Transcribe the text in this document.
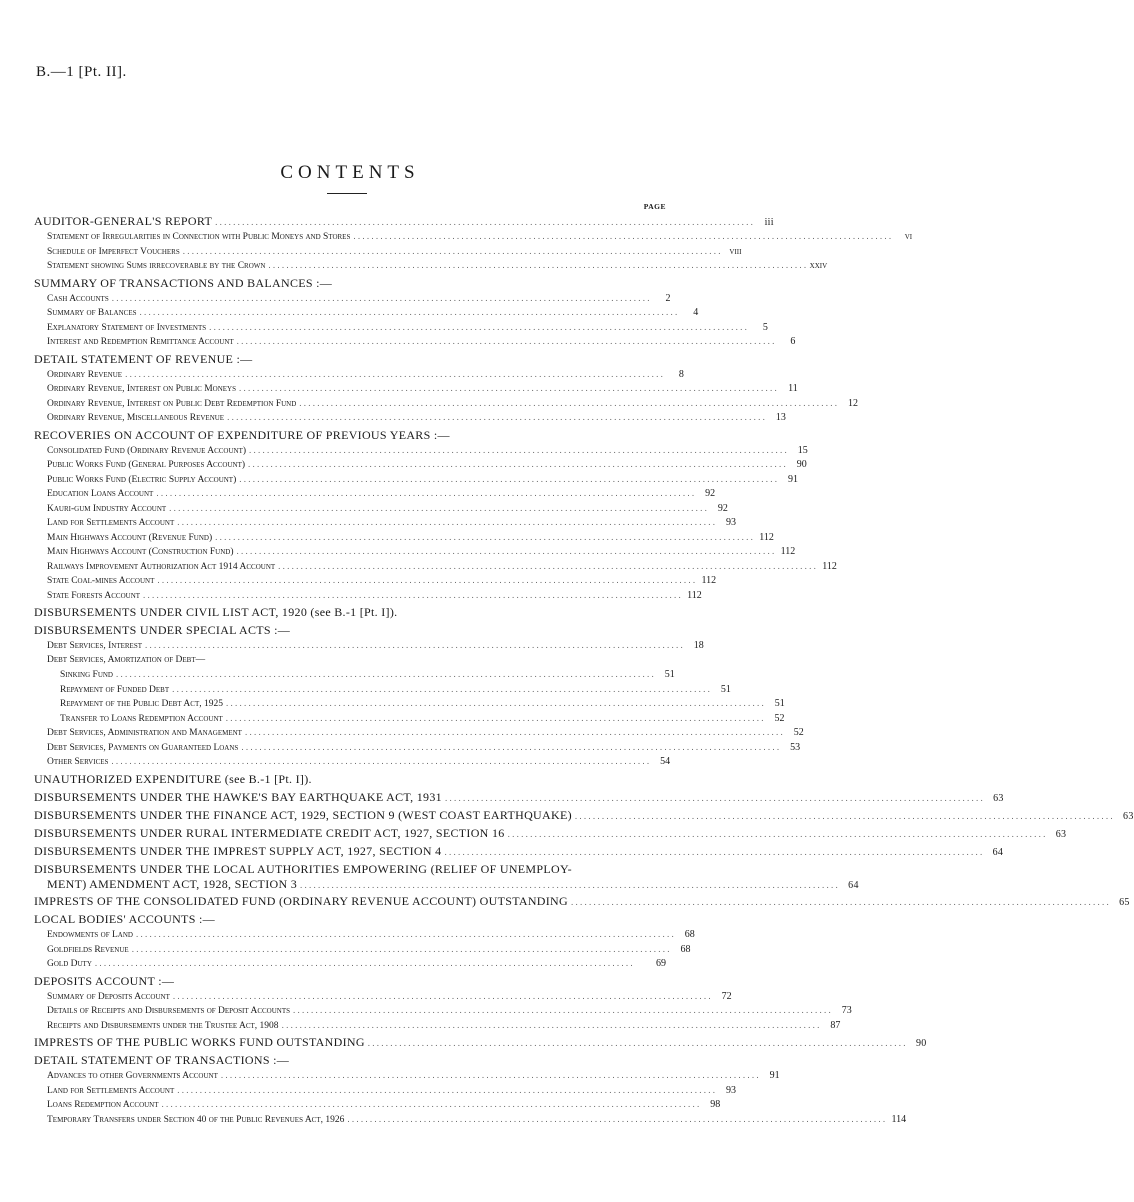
B.—1 [Pt. II].
CONTENTS
PAGE
AUDITOR-GENERAL'S REPORT . . . . . . . . . . . . . . . . . . . . . . . . . . . . . . . . . . . . . . . . . . . . . . . . . . . . . . . . . . . . . . . . . . . . . . . . . . . . . . . . . . . . . . . . . . . . . . . . . . . . . . . . . . . . . . . . . . . . . . . .	iii
Statement of Irregularities in Connection with Public Moneys and Stores . . . . . . . . . . . . . . . . . . . . . . . . . . . . . . . . . . . . . . . . . . . . . . . . . . . . . . . . . . . . . . . . . . . . . . . . . . . . . . . . . . . . . . . . . . . . . . . . . . . . . . . . . . . . . . . . . . . . . . . .	vi
Schedule of Imperfect Vouchers . . . . . . . . . . . . . . . . . . . . . . . . . . . . . . . . . . . . . . . . . . . . . . . . . . . . . . . . . . . . . . . . . . . . . . . . . . . . . . . . . . . . . . . . . . . . . . . . . . . . . . . . . . . . . . . . . . . . . . . . viii
Statement showing Sums irrecoverable by the Crown . . . . . . . . . . . . . . . . . . . . . . . . . . . . . . . . . . . . . . . . . . . . . . . . . . . . . . . . . . . . . . . . . . . . . . . . . . . . . . . . . . . . . . . . . . . . . . . . . . . . . . . . . . . . . . . . . . . . . . . . xxiv
SUMMARY OF TRANSACTIONS AND BALANCES :—
Cash Accounts . . . . . . . . . . . . . . . . . . . . . . . . . . . . . . . . . . . . . . . . . . . . . . . . . . . . . . . . . . . . . . . . . . . . . . . . . . . . . . . . . . . . . . . . . . . . . . . . . . . . . . . . . . . . . . . . . . . . . . . .	2
Summary of Balances . . . . . . . . . . . . . . . . . . . . . . . . . . . . . . . . . . . . . . . . . . . . . . . . . . . . . . . . . . . . . . . . . . . . . . . . . . . . . . . . . . . . . . . . . . . . . . . . . . . . . . . . . . . . . . . . . . . . . . . .	4
Explanatory Statement of Investments . . . . . . . . . . . . . . . . . . . . . . . . . . . . . . . . . . . . . . . . . . . . . . . . . . . . . . . . . . . . . . . . . . . . . . . . . . . . . . . . . . . . . . . . . . . . . . . . . . . . . . . . . . . . . . . . . . . . . . . .	5
Interest and Redemption Remittance Account . . . . . . . . . . . . . . . . . . . . . . . . . . . . . . . . . . . . . . . . . . . . . . . . . . . . . . . . . . . . . . . . . . . . . . . . . . . . . . . . . . . . . . . . . . . . . . . . . . . . . . . . . . . . . . . . . . . . . . . .	6
DETAIL STATEMENT OF REVENUE :—
Ordinary Revenue . . . . . . . . . . . . . . . . . . . . . . . . . . . . . . . . . . . . . . . . . . . . . . . . . . . . . . . . . . . . . . . . . . . . . . . . . . . . . . . . . . . . . . . . . . . . . . . . . . . . . . . . . . . . . . . . . . . . . . . .	8
Ordinary Revenue, Interest on Public Moneys . . . . . . . . . . . . . . . . . . . . . . . . . . . . . . . . . . . . . . . . . . . . . . . . . . . . . . . . . . . . . . . . . . . . . . . . . . . . . . . . . . . . . . . . . . . . . . . . . . . . . . . . . . . . . . . . . . . . . . . .	11
Ordinary Revenue, Interest on Public Debt Redemption Fund . . . . . . . . . . . . . . . . . . . . . . . . . . . . . . . . . . . . . . . . . . . . . . . . . . . . . . . . . . . . . . . . . . . . . . . . . . . . . . . . . . . . . . . . . . . . . . . . . . . . . . . . . . . . . . . . . . . . . . . .	12
Ordinary Revenue, Miscellaneous Revenue . . . . . . . . . . . . . . . . . . . . . . . . . . . . . . . . . . . . . . . . . . . . . . . . . . . . . . . . . . . . . . . . . . . . . . . . . . . . . . . . . . . . . . . . . . . . . . . . . . . . . . . . . . . . . . . . . . . . . . . .	13
RECOVERIES ON ACCOUNT OF EXPENDITURE OF PREVIOUS YEARS :—
Consolidated Fund (Ordinary Revenue Account) . . . . . . . . . . . . . . . . . . . . . . . . . . . . . . . . . . . . . . . . . . . . . . . . . . . . . . . . . . . . . . . . . . . . . . . . . . . . . . . . . . . . . . . . . . . . . . . . . . . . . . . . . . . . . . . . . . . . . . . .	15
Public Works Fund (General Purposes Account) . . . . . . . . . . . . . . . . . . . . . . . . . . . . . . . . . . . . . . . . . . . . . . . . . . . . . . . . . . . . . . . . . . . . . . . . . . . . . . . . . . . . . . . . . . . . . . . . . . . . . . . . . . . . . . . . . . . . . . . .	90
Public Works Fund (Electric Supply Account) . . . . . . . . . . . . . . . . . . . . . . . . . . . . . . . . . . . . . . . . . . . . . . . . . . . . . . . . . . . . . . . . . . . . . . . . . . . . . . . . . . . . . . . . . . . . . . . . . . . . . . . . . . . . . . . . . . . . . . . .	91
Education Loans Account . . . . . . . . . . . . . . . . . . . . . . . . . . . . . . . . . . . . . . . . . . . . . . . . . . . . . . . . . . . . . . . . . . . . . . . . . . . . . . . . . . . . . . . . . . . . . . . . . . . . . . . . . . . . . . . . . . . . . . . .	92
Kauri-gum Industry Account . . . . . . . . . . . . . . . . . . . . . . . . . . . . . . . . . . . . . . . . . . . . . . . . . . . . . . . . . . . . . . . . . . . . . . . . . . . . . . . . . . . . . . . . . . . . . . . . . . . . . . . . . . . . . . . . . . . . . . . .	92
Land for Settlements Account . . . . . . . . . . . . . . . . . . . . . . . . . . . . . . . . . . . . . . . . . . . . . . . . . . . . . . . . . . . . . . . . . . . . . . . . . . . . . . . . . . . . . . . . . . . . . . . . . . . . . . . . . . . . . . . . . . . . . . . .	93
Main Highways Account (Revenue Fund) . . . . . . . . . . . . . . . . . . . . . . . . . . . . . . . . . . . . . . . . . . . . . . . . . . . . . . . . . . . . . . . . . . . . . . . . . . . . . . . . . . . . . . . . . . . . . . . . . . . . . . . . . . . . . . . . . . . . . . . . 112
Main Highways Account (Construction Fund) . . . . . . . . . . . . . . . . . . . . . . . . . . . . . . . . . . . . . . . . . . . . . . . . . . . . . . . . . . . . . . . . . . . . . . . . . . . . . . . . . . . . . . . . . . . . . . . . . . . . . . . . . . . . . . . . . . . . . . . . 112
Railways Improvement Authorization Act 1914 Account . . . . . . . . . . . . . . . . . . . . . . . . . . . . . . . . . . . . . . . . . . . . . . . . . . . . . . . . . . . . . . . . . . . . . . . . . . . . . . . . . . . . . . . . . . . . . . . . . . . . . . . . . . . . . . . . . . . . . . . . 112
State Coal-mines Account . . . . . . . . . . . . . . . . . . . . . . . . . . . . . . . . . . . . . . . . . . . . . . . . . . . . . . . . . . . . . . . . . . . . . . . . . . . . . . . . . . . . . . . . . . . . . . . . . . . . . . . . . . . . . . . . . . . . . . . . 112
State Forests Account . . . . . . . . . . . . . . . . . . . . . . . . . . . . . . . . . . . . . . . . . . . . . . . . . . . . . . . . . . . . . . . . . . . . . . . . . . . . . . . . . . . . . . . . . . . . . . . . . . . . . . . . . . . . . . . . . . . . . . . . 112
DISBURSEMENTS UNDER CIVIL LIST ACT, 1920 (see B.-1 [Pt. I]).
DISBURSEMENTS UNDER SPECIAL ACTS :—
Debt Services, Interest . . . . . . . . . . . . . . . . . . . . . . . . . . . . . . . . . . . . . . . . . . . . . . . . . . . . . . . . . . . . . . . . . . . . . . . . . . . . . . . . . . . . . . . . . . . . . . . . . . . . . . . . . . . . . . . . . . . . . . . .	18
Debt Services, Amortization of Debt—
Sinking Fund . . . . . . . . . . . . . . . . . . . . . . . . . . . . . . . . . . . . . . . . . . . . . . . . . . . . . . . . . . . . . . . . . . . . . . . . . . . . . . . . . . . . . . . . . . . . . . . . . . . . . . . . . . . . . . . . . . . . . . . .	51
Repayment of Funded Debt . . . . . . . . . . . . . . . . . . . . . . . . . . . . . . . . . . . . . . . . . . . . . . . . . . . . . . . . . . . . . . . . . . . . . . . . . . . . . . . . . . . . . . . . . . . . . . . . . . . . . . . . . . . . . . . . . . . . . . . .	51
Repayment of the Public Debt Act, 1925 . . . . . . . . . . . . . . . . . . . . . . . . . . . . . . . . . . . . . . . . . . . . . . . . . . . . . . . . . . . . . . . . . . . . . . . . . . . . . . . . . . . . . . . . . . . . . . . . . . . . . . . . . . . . . . . . . . . . . . . .	51
Transfer to Loans Redemption Account . . . . . . . . . . . . . . . . . . . . . . . . . . . . . . . . . . . . . . . . . . . . . . . . . . . . . . . . . . . . . . . . . . . . . . . . . . . . . . . . . . . . . . . . . . . . . . . . . . . . . . . . . . . . . . . . . . . . . . . .	52
Debt Services, Administration and Management . . . . . . . . . . . . . . . . . . . . . . . . . . . . . . . . . . . . . . . . . . . . . . . . . . . . . . . . . . . . . . . . . . . . . . . . . . . . . . . . . . . . . . . . . . . . . . . . . . . . . . . . . . . . . . . . . . . . . . . .	52
Debt Services, Payments on Guaranteed Loans . . . . . . . . . . . . . . . . . . . . . . . . . . . . . . . . . . . . . . . . . . . . . . . . . . . . . . . . . . . . . . . . . . . . . . . . . . . . . . . . . . . . . . . . . . . . . . . . . . . . . . . . . . . . . . . . . . . . . . . .	53
Other Services . . . . . . . . . . . . . . . . . . . . . . . . . . . . . . . . . . . . . . . . . . . . . . . . . . . . . . . . . . . . . . . . . . . . . . . . . . . . . . . . . . . . . . . . . . . . . . . . . . . . . . . . . . . . . . . . . . . . . . . .	54
UNAUTHORIZED EXPENDITURE (see B.-1 [Pt. I]).
DISBURSEMENTS UNDER THE HAWKE'S BAY EARTHQUAKE ACT, 1931 . . . . . . . . . . . . . . . . . . . . . . . . . . . . . . . . . . . . . . . . . . . . . . . . . . . . . . . . . . . . . . . . . . . . . . . . . . . . . . . . . . . . . . . . . . . . . . . . . . . . . . . . . . . . . . . . . . . . . . . .	63
DISBURSEMENTS UNDER THE FINANCE ACT, 1929, SECTION 9 (WEST COAST EARTHQUAKE) . . . . . . . . . . . . . . . . . . . . . . . . . . . . . . . . . . . . . . . . . . . . . . . . . . . . . . . . . . . . . . . . . . . . . . . . . . . . . . . . . . . . . . . . . . . . . . . . . . . . . . . . . . . . . . . . . . . . . . . .	63
DISBURSEMENTS UNDER RURAL INTERMEDIATE CREDIT ACT, 1927, SECTION 16 . . . . . . . . . . . . . . . . . . . . . . . . . . . . . . . . . . . . . . . . . . . . . . . . . . . . . . . . . . . . . . . . . . . . . . . . . . . . . . . . . . . . . . . . . . . . . . . . . . . . . . . . . . . . . . . . . . . . . . . .	63
DISBURSEMENTS UNDER THE IMPREST SUPPLY ACT, 1927, SECTION 4 . . . . . . . . . . . . . . . . . . . . . . . . . . . . . . . . . . . . . . . . . . . . . . . . . . . . . . . . . . . . . . . . . . . . . . . . . . . . . . . . . . . . . . . . . . . . . . . . . . . . . . . . . . . . . . . . . . . . . . . .	64
DISBURSEMENTS UNDER THE LOCAL AUTHORITIES EMPOWERING (RELIEF OF UNEMPLOY-
MENT) AMENDMENT ACT, 1928, SECTION 3 . . . . . . . . . . . . . . . . . . . . . . . . . . . . . . . . . . . . . . . . . . . . . . . . . . . . . . . . . . . . . . . . . . . . . . . . . . . . . . . . . . . . . . . . . . . . . . . . . . . . . . . . . . . . . . . . . . . . . . . .	64
IMPRESTS OF THE CONSOLIDATED FUND (ORDINARY REVENUE ACCOUNT) OUTSTANDING . . . . . . . . . . . . . . . . . . . . . . . . . . . . . . . . . . . . . . . . . . . . . . . . . . . . . . . . . . . . . . . . . . . . . . . . . . . . . . . . . . . . . . . . . . . . . . . . . . . . . . . . . . . . . . . . . . . . . . . .	65
LOCAL BODIES' ACCOUNTS :—
Endowments of Land . . . . . . . . . . . . . . . . . . . . . . . . . . . . . . . . . . . . . . . . . . . . . . . . . . . . . . . . . . . . . . . . . . . . . . . . . . . . . . . . . . . . . . . . . . . . . . . . . . . . . . . . . . . . . . . . . . . . . . . .	68
Goldfields Revenue . . . . . . . . . . . . . . . . . . . . . . . . . . . . . . . . . . . . . . . . . . . . . . . . . . . . . . . . . . . . . . . . . . . . . . . . . . . . . . . . . . . . . . . . . . . . . . . . . . . . . . . . . . . . . . . . . . . . . . . .	68
Gold Duty . . . . . . . . . . . . . . . . . . . . . . . . . . . . . . . . . . . . . . . . . . . . . . . . . . . . . . . . . . . . . . . . . . . . . . . . . . . . . . . . . . . . . . . . . . . . . . . . . . . . . . . . . . . . . . . . . . . . . . . .	69
DEPOSITS ACCOUNT :—
Summary of Deposits Account . . . . . . . . . . . . . . . . . . . . . . . . . . . . . . . . . . . . . . . . . . . . . . . . . . . . . . . . . . . . . . . . . . . . . . . . . . . . . . . . . . . . . . . . . . . . . . . . . . . . . . . . . . . . . . . . . . . . . . . .	72
Details of Receipts and Disbursements of Deposit Accounts . . . . . . . . . . . . . . . . . . . . . . . . . . . . . . . . . . . . . . . . . . . . . . . . . . . . . . . . . . . . . . . . . . . . . . . . . . . . . . . . . . . . . . . . . . . . . . . . . . . . . . . . . . . . . . . . . . . . . . . .	73
Receipts and Disbursements under the Trustee Act, 1908 . . . . . . . . . . . . . . . . . . . . . . . . . . . . . . . . . . . . . . . . . . . . . . . . . . . . . . . . . . . . . . . . . . . . . . . . . . . . . . . . . . . . . . . . . . . . . . . . . . . . . . . . . . . . . . . . . . . . . . . .	87
IMPRESTS OF THE PUBLIC WORKS FUND OUTSTANDING . . . . . . . . . . . . . . . . . . . . . . . . . . . . . . . . . . . . . . . . . . . . . . . . . . . . . . . . . . . . . . . . . . . . . . . . . . . . . . . . . . . . . . . . . . . . . . . . . . . . . . . . . . . . . . . . . . . . . . . .	90
DETAIL STATEMENT OF TRANSACTIONS :—
Advances to other Governments Account . . . . . . . . . . . . . . . . . . . . . . . . . . . . . . . . . . . . . . . . . . . . . . . . . . . . . . . . . . . . . . . . . . . . . . . . . . . . . . . . . . . . . . . . . . . . . . . . . . . . . . . . . . . . . . . . . . . . . . . .	91
Land for Settlements Account . . . . . . . . . . . . . . . . . . . . . . . . . . . . . . . . . . . . . . . . . . . . . . . . . . . . . . . . . . . . . . . . . . . . . . . . . . . . . . . . . . . . . . . . . . . . . . . . . . . . . . . . . . . . . . . . . . . . . . . .	93
Loans Redemption Account . . . . . . . . . . . . . . . . . . . . . . . . . . . . . . . . . . . . . . . . . . . . . . . . . . . . . . . . . . . . . . . . . . . . . . . . . . . . . . . . . . . . . . . . . . . . . . . . . . . . . . . . . . . . . . . . . . . . . . . .	98
Temporary Transfers under Section 40 of the Public Revenues Act, 1926 . . . . . . . . . . . . . . . . . . . . . . . . . . . . . . . . . . . . . . . . . . . . . . . . . . . . . . . . . . . . . . . . . . . . . . . . . . . . . . . . . . . . . . . . . . . . . . . . . . . . . . . . . . . . . . . . . . . . . . . . 114
